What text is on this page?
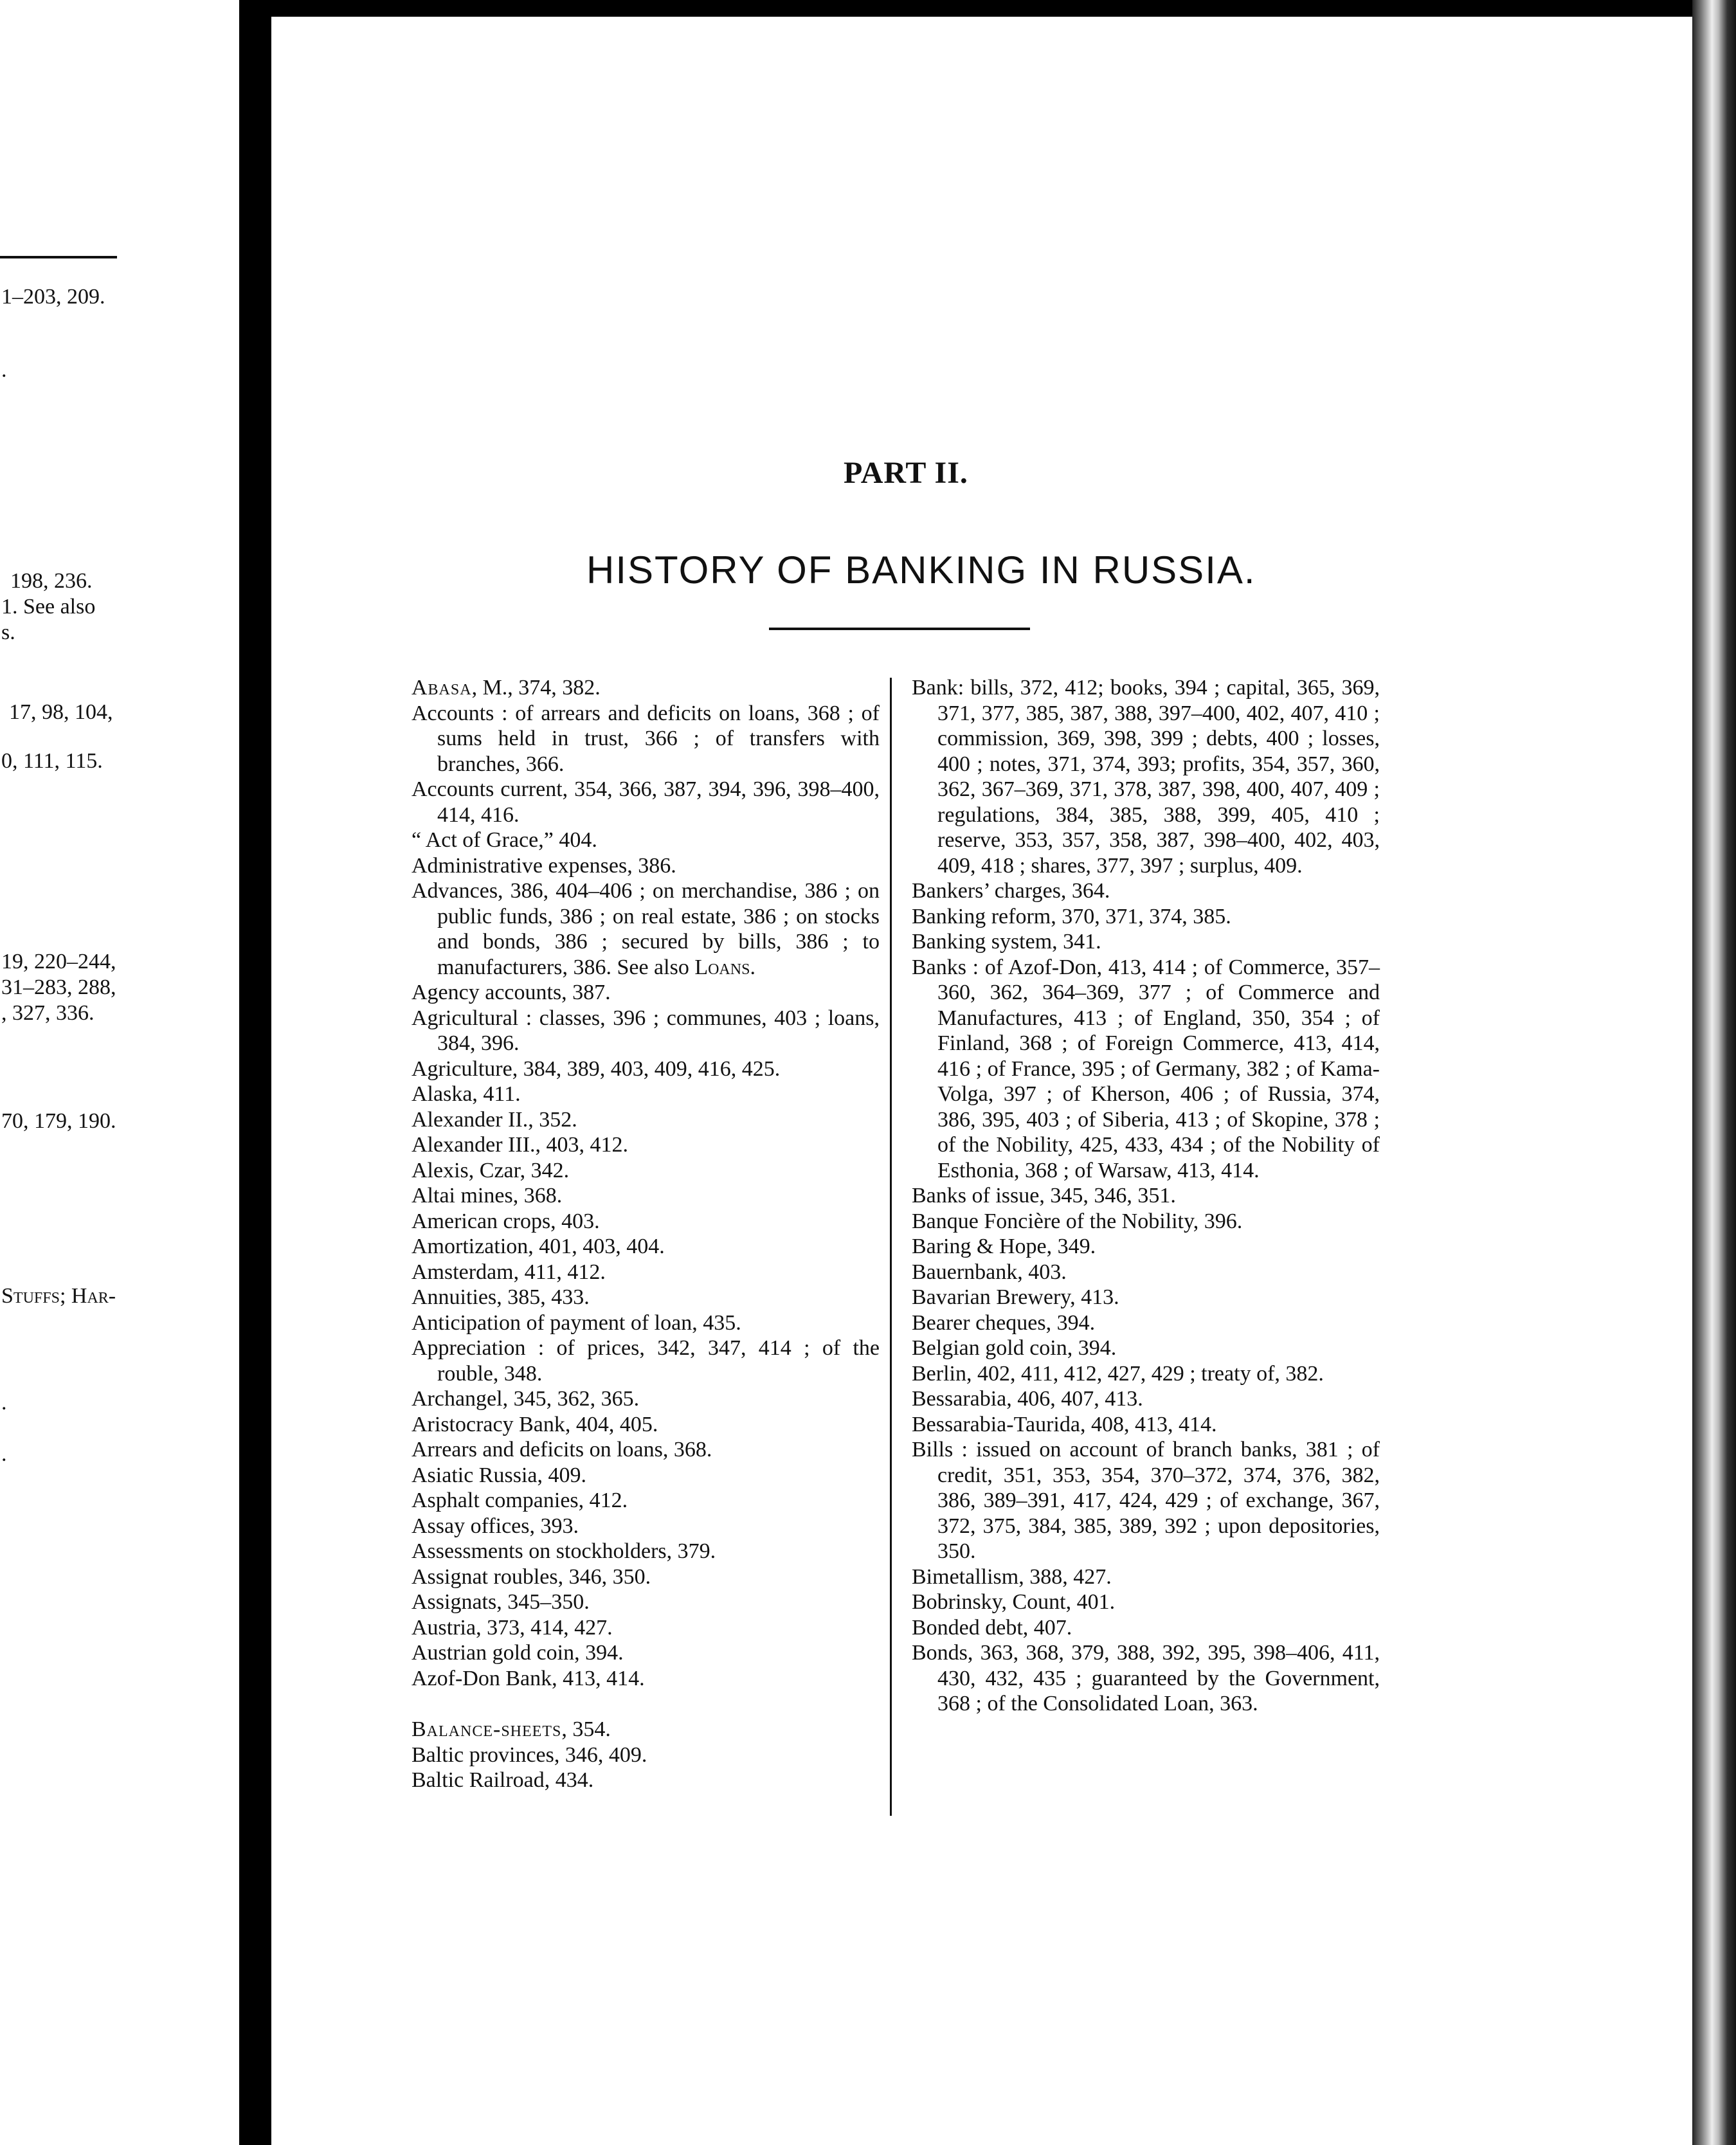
1–203, 209.
.
198, 236.
1. See also
s.
17, 98, 104,
0, 111, 115.
19, 220–244,
31–283, 288,
, 327, 336.
70, 179, 190.
Stuffs; Har-
.
.
PART II.
HISTORY OF BANKING IN RUSSIA.
Abasa, M., 374, 382.
Accounts : of arrears and deficits on loans, 368 ; of sums held in trust, 366 ; of transfers with branches, 366.
Accounts current, 354, 366, 387, 394, 396, 398–400, 414, 416.
“ Act of Grace,” 404.
Administrative expenses, 386.
Advances, 386, 404–406 ; on merchandise, 386 ; on public funds, 386 ; on real estate, 386 ; on stocks and bonds, 386 ; secured by bills, 386 ; to manufacturers, 386. See also Loans.
Agency accounts, 387.
Agricultural : classes, 396 ; communes, 403 ; loans, 384, 396.
Agriculture, 384, 389, 403, 409, 416, 425.
Alaska, 411.
Alexander II., 352.
Alexander III., 403, 412.
Alexis, Czar, 342.
Altai mines, 368.
American crops, 403.
Amortization, 401, 403, 404.
Amsterdam, 411, 412.
Annuities, 385, 433.
Anticipation of payment of loan, 435.
Appreciation : of prices, 342, 347, 414 ; of the rouble, 348.
Archangel, 345, 362, 365.
Aristocracy Bank, 404, 405.
Arrears and deficits on loans, 368.
Asiatic Russia, 409.
Asphalt companies, 412.
Assay offices, 393.
Assessments on stockholders, 379.
Assignat roubles, 346, 350.
Assignats, 345–350.
Austria, 373, 414, 427.
Austrian gold coin, 394.
Azof-Don Bank, 413, 414.
Balance-sheets, 354.
Baltic provinces, 346, 409.
Baltic Railroad, 434.
Bank: bills, 372, 412; books, 394 ; capital, 365, 369, 371, 377, 385, 387, 388, 397–400, 402, 407, 410 ; commission, 369, 398, 399 ; debts, 400 ; losses, 400 ; notes, 371, 374, 393; profits, 354, 357, 360, 362, 367–369, 371, 378, 387, 398, 400, 407, 409 ; regulations, 384, 385, 388, 399, 405, 410 ; reserve, 353, 357, 358, 387, 398–400, 402, 403, 409, 418 ; shares, 377, 397 ; surplus, 409.
Bankers’ charges, 364.
Banking reform, 370, 371, 374, 385.
Banking system, 341.
Banks : of Azof-Don, 413, 414 ; of Commerce, 357–360, 362, 364–369, 377 ; of Commerce and Manufactures, 413 ; of England, 350, 354 ; of Finland, 368 ; of Foreign Commerce, 413, 414, 416 ; of France, 395 ; of Germany, 382 ; of Kama-Volga, 397 ; of Kherson, 406 ; of Russia, 374, 386, 395, 403 ; of Siberia, 413 ; of Skopine, 378 ; of the Nobility, 425, 433, 434 ; of the Nobility of Esthonia, 368 ; of Warsaw, 413, 414.
Banks of issue, 345, 346, 351.
Banque Foncière of the Nobility, 396.
Baring & Hope, 349.
Bauernbank, 403.
Bavarian Brewery, 413.
Bearer cheques, 394.
Belgian gold coin, 394.
Berlin, 402, 411, 412, 427, 429 ; treaty of, 382.
Bessarabia, 406, 407, 413.
Bessarabia-Taurida, 408, 413, 414.
Bills : issued on account of branch banks, 381 ; of credit, 351, 353, 354, 370–372, 374, 376, 382, 386, 389–391, 417, 424, 429 ; of exchange, 367, 372, 375, 384, 385, 389, 392 ; upon depositories, 350.
Bimetallism, 388, 427.
Bobrinsky, Count, 401.
Bonded debt, 407.
Bonds, 363, 368, 379, 388, 392, 395, 398–406, 411, 430, 432, 435 ; guaranteed by the Government, 368 ; of the Consolidated Loan, 363.
